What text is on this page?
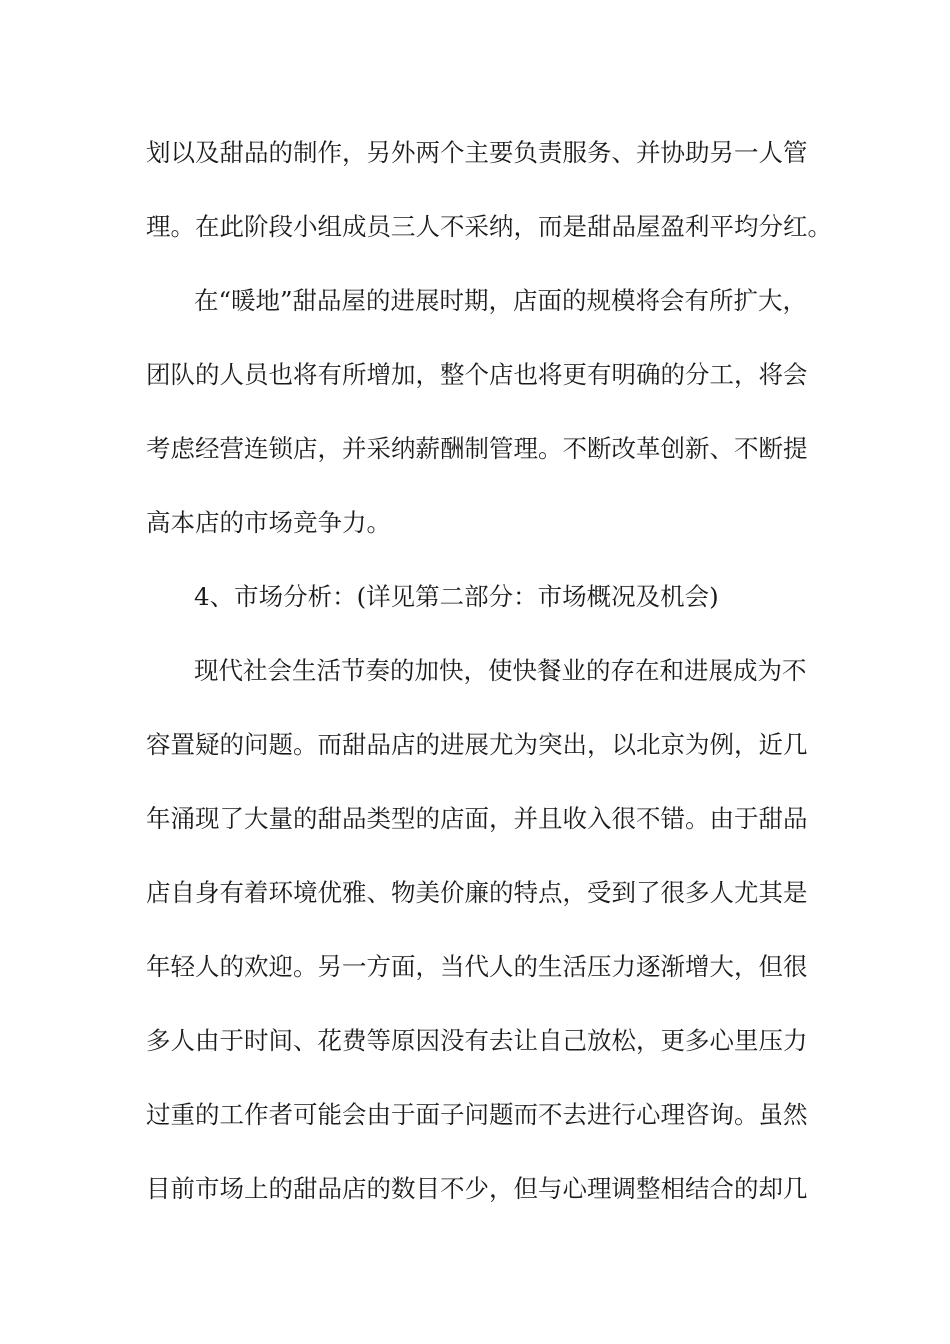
划以及甜品的制作，另外两个主要负责服务、并协助另一人管

理。在此阶段小组成员三人不采纳，而是甜品屋盈利平均分红。

在“暖地”甜品屋的进展时期，店面的规模将会有所扩大，

团队的人员也将有所增加，整个店也将更有明确的分工，将会

考虑经营连锁店，并采纳薪酬制管理。不断改革创新、不断提

高本店的市场竞争力。

4、市场分析：(详见第二部分：市场概况及机会)

现代社会生活节奏的加快，使快餐业的存在和进展成为不

容置疑的问题。而甜品店的进展尤为突出，以北京为例，近几

年涌现了大量的甜品类型的店面，并且收入很不错。由于甜品

店自身有着环境优雅、物美价廉的特点，受到了很多人尤其是

年轻人的欢迎。另一方面，当代人的生活压力逐渐增大，但很

多人由于时间、花费等原因没有去让自己放松，更多心里压力

过重的工作者可能会由于面子问题而不去进行心理咨询。虽然

目前市场上的甜品店的数目不少，但与心理调整相结合的却几
